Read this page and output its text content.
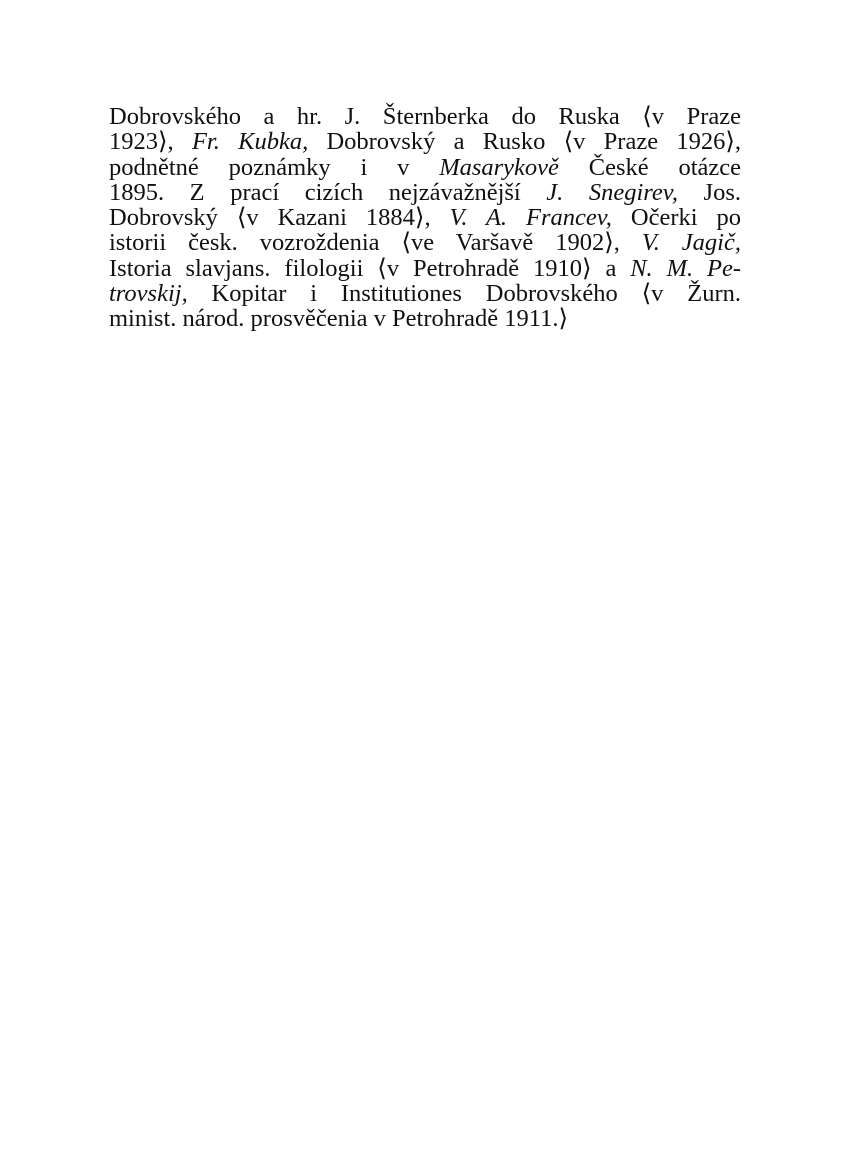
Dobrovského a hr. J. Šternberka do Ruska ⟨v Praze
1923⟩, Fr. Kubka, Dobrovský a Rusko ⟨v Praze 1926⟩,
podnětné poznámky i v Masarykově České otázce
1895. Z prací cizích nejzávažnější J. Snegirev, Jos.
Dobrovský ⟨v Kazani 1884⟩, V. A. Francev, Očerki po
istorii česk. vozroždenia ⟨ve Varšavě 1902⟩, V. Jagič,
Istoria slavjans. filologii ⟨v Petrohradě 1910⟩ a N. M. Pe-
trovskij, Kopitar i Institutiones Dobrovského ⟨v Žurn.
minist. národ. prosvěčenia v Petrohradě 1911.⟩
